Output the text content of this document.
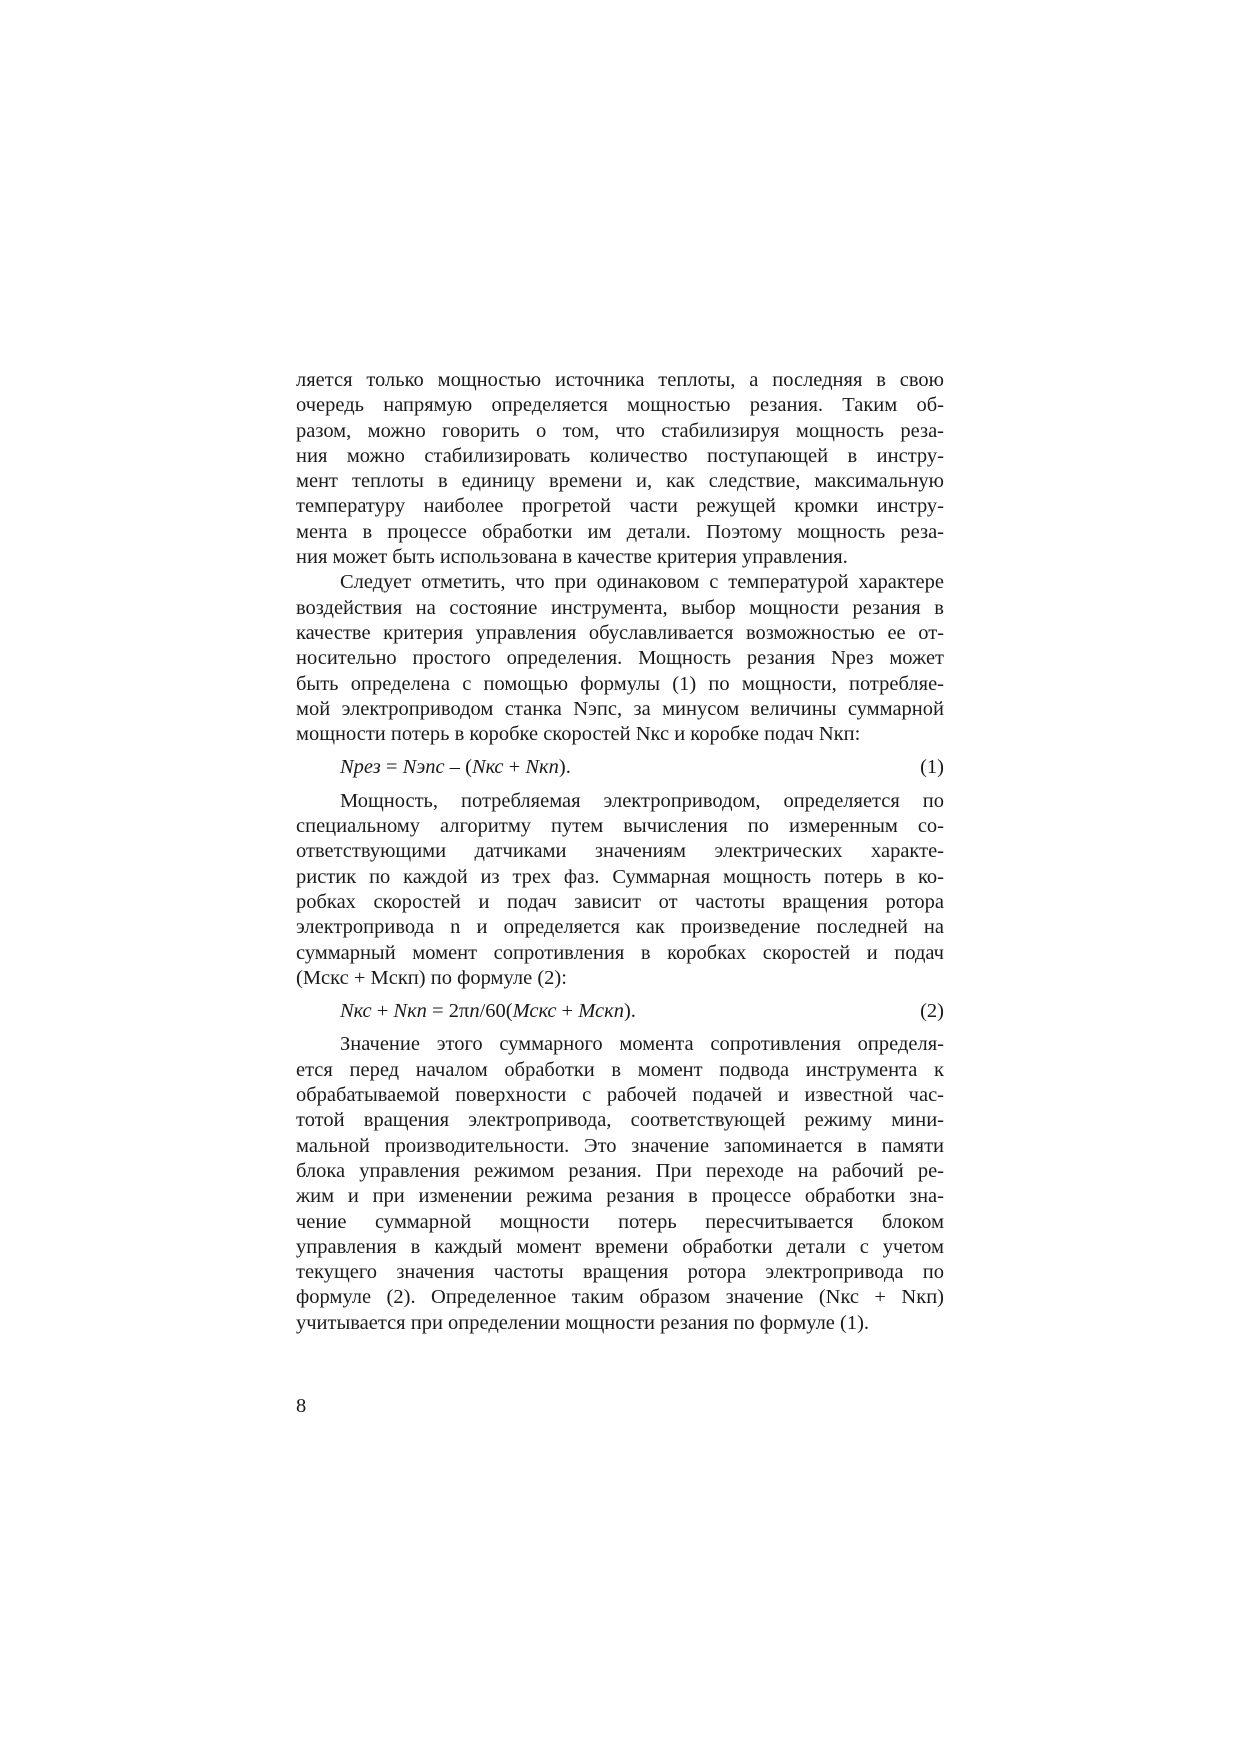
ляется только мощностью источника теплоты, а последняя в свою
очередь напрямую определяется мощностью резания. Таким об-
разом, можно говорить о том, что стабилизируя мощность реза-
ния можно стабилизировать количество поступающей в инстру-
мент теплоты в единицу времени и, как следствие, максимальную
температуру наиболее прогретой части режущей кромки инстру-
мента в процессе обработки им детали. Поэтому мощность реза-
ния может быть использована в качестве критерия управления.
Следует отметить, что при одинаковом с температурой характере
воздействия на состояние инструмента, выбор мощности резания в
качестве критерия управления обуславливается возможностью ее от-
носительно простого определения. Мощность резания Nрез может
быть определена с помощью формулы (1) по мощности, потребляе-
мой электроприводом станка Nэпс, за минусом величины суммарной
мощности потерь в коробке скоростей Nкс и коробке подач Nкп:
Nрез = Nэпс – (Nкс + Nкп).	(1)
Мощность, потребляемая электроприводом, определяется по
специальному алгоритму путем вычисления по измеренным со-
ответствующими датчиками значениям электрических характе-
ристик по каждой из трех фаз. Суммарная мощность потерь в ко-
робках скоростей и подач зависит от частоты вращения ротора
электропривода n и определяется как произведение последней на
суммарный момент сопротивления в коробках скоростей и подач
(Мскс + Мскп) по формуле (2):
Nкс + Nкп = 2πn/60(Мскс + Мскп).	(2)
Значение этого суммарного момента сопротивления определя-
ется перед началом обработки в момент подвода инструмента к
обрабатываемой поверхности с рабочей подачей и известной час-
тотой вращения электропривода, соответствующей режиму мини-
мальной производительности. Это значение запоминается в памяти
блока управления режимом резания. При переходе на рабочий ре-
жим и при изменении режима резания в процессе обработки зна-
чение суммарной мощности потерь пересчитывается блоком
управления в каждый момент времени обработки детали с учетом
текущего значения частоты вращения ротора электропривода по
формуле (2). Определенное таким образом значение (Nкс + Nкп)
учитывается при определении мощности резания по формуле (1).
8
